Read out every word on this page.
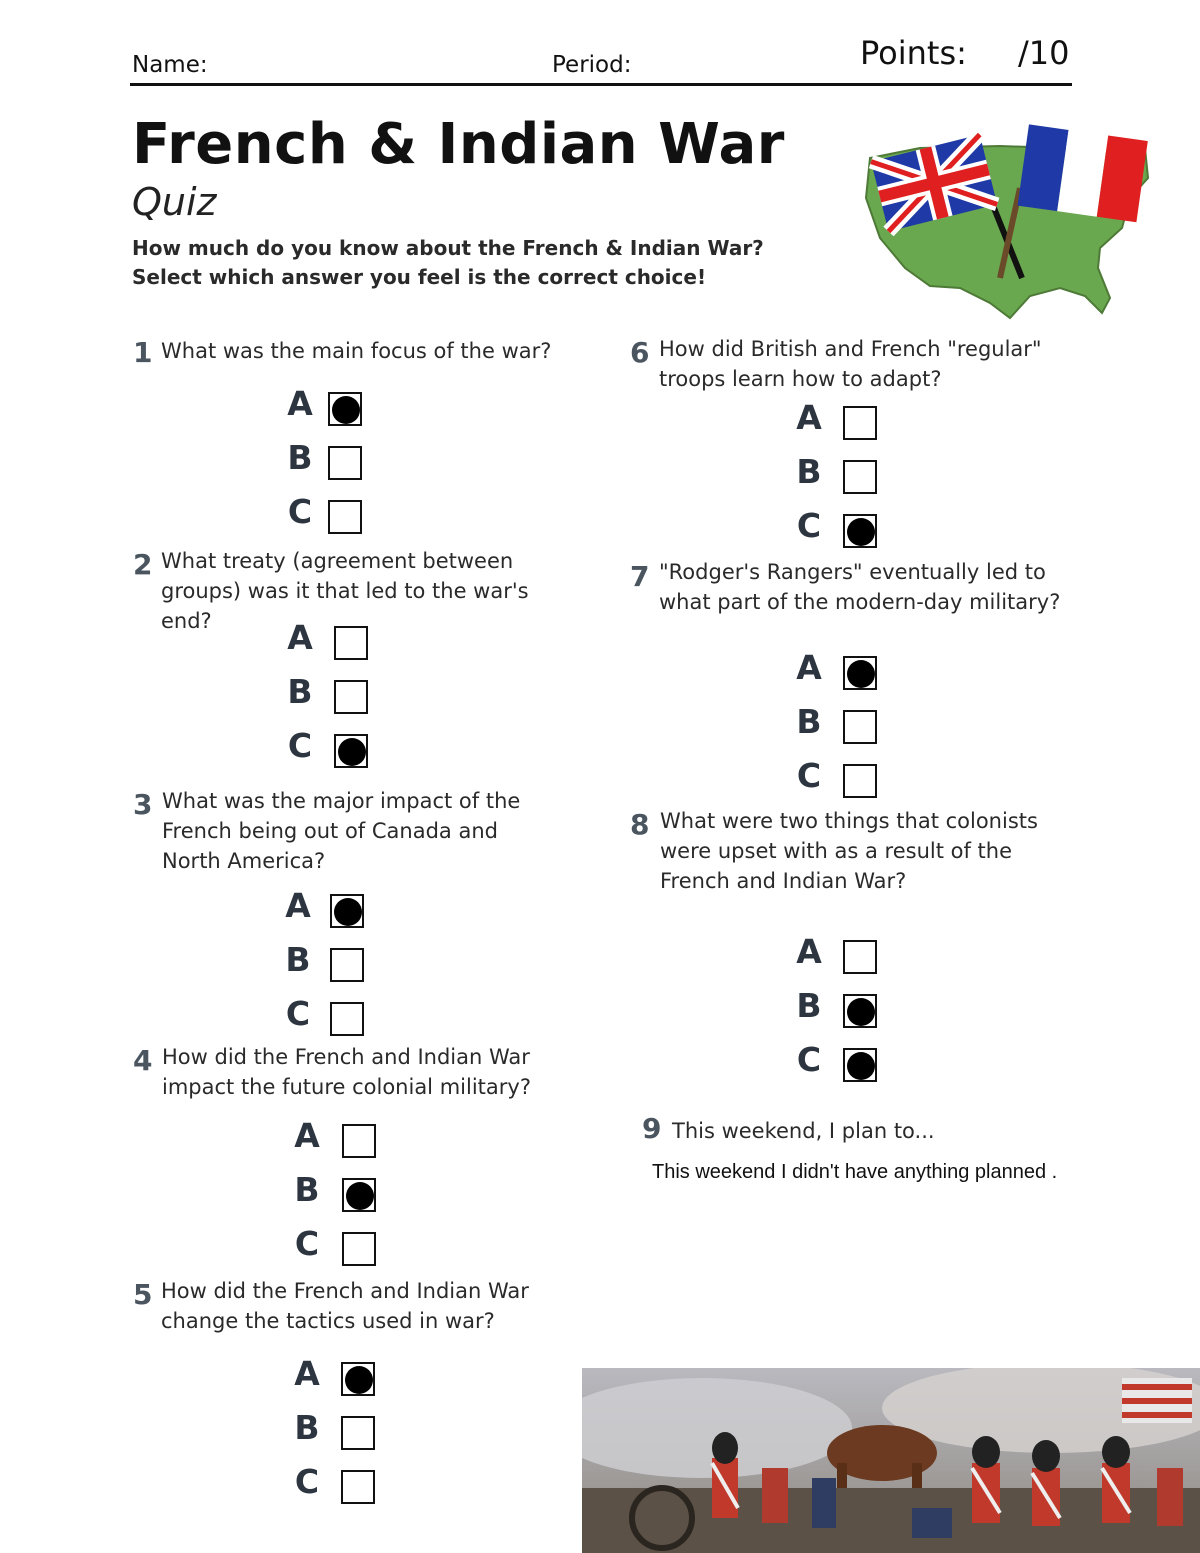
Name:	Period:	Points: /10
French & Indian War
Quiz
How much do you know about the French & Indian War?
Select which answer you feel is the correct choice!
1 What was the main focus of the war?
A
B
C
2 What treaty (agreement between
groups) was it that led to the war's
end?	A
B
C
3 What was the major impact of the
French being out of Canada and
North America?
A
B
C
4 How did the French and Indian War
impact the future colonial military?
A
B
C
5 How did the French and Indian War
change the tactics used in war?
A
B
C
6 How did British and French "regular"
troops learn how to adapt?
A
B
C
7 "Rodger's Rangers" eventually led to
what part of the modern-day military?
A
B
C
8 What were two things that colonists
were upset with as a result of the
French and Indian War?
A
B
C
9 This weekend, I plan to...
This weekend I didn't have anything planned .
